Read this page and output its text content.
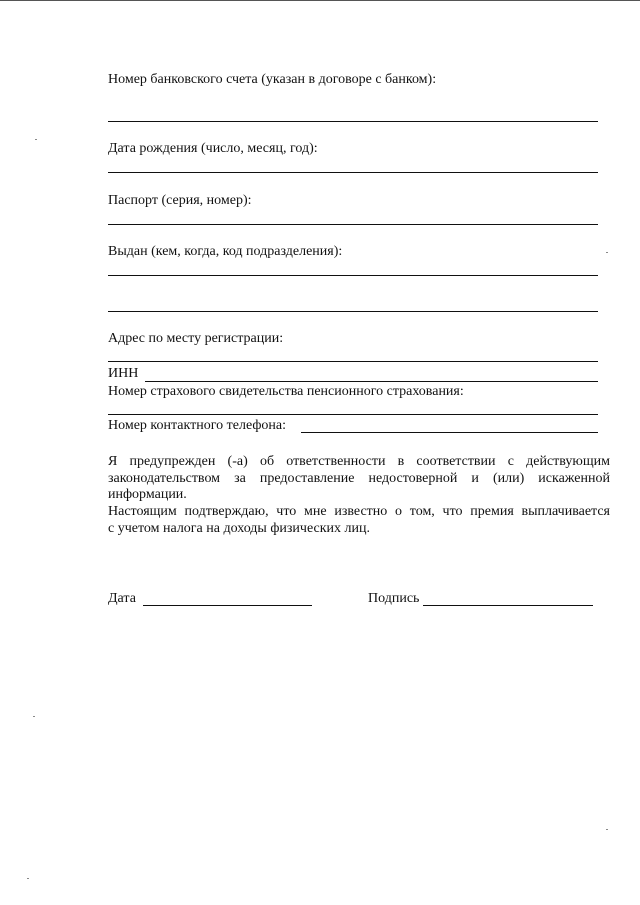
Номер банковского счета (указан в договоре с банком):
Дата рождения (число, месяц, год):
Паспорт (серия, номер):
Выдан (кем, когда, код подразделения):
Адрес по месту регистрации:
ИНН
Номер страхового свидетельства пенсионного страхования:
Номер контактного телефона:
Я предупрежден (-а) об ответственности в соответствии с действующим
законодательством за предоставление недостоверной и (или) искаженной
информации.
Настоящим подтверждаю, что мне известно о том, что премия выплачивается
с учетом налога на доходы физических лиц.
Дата	Подпись
